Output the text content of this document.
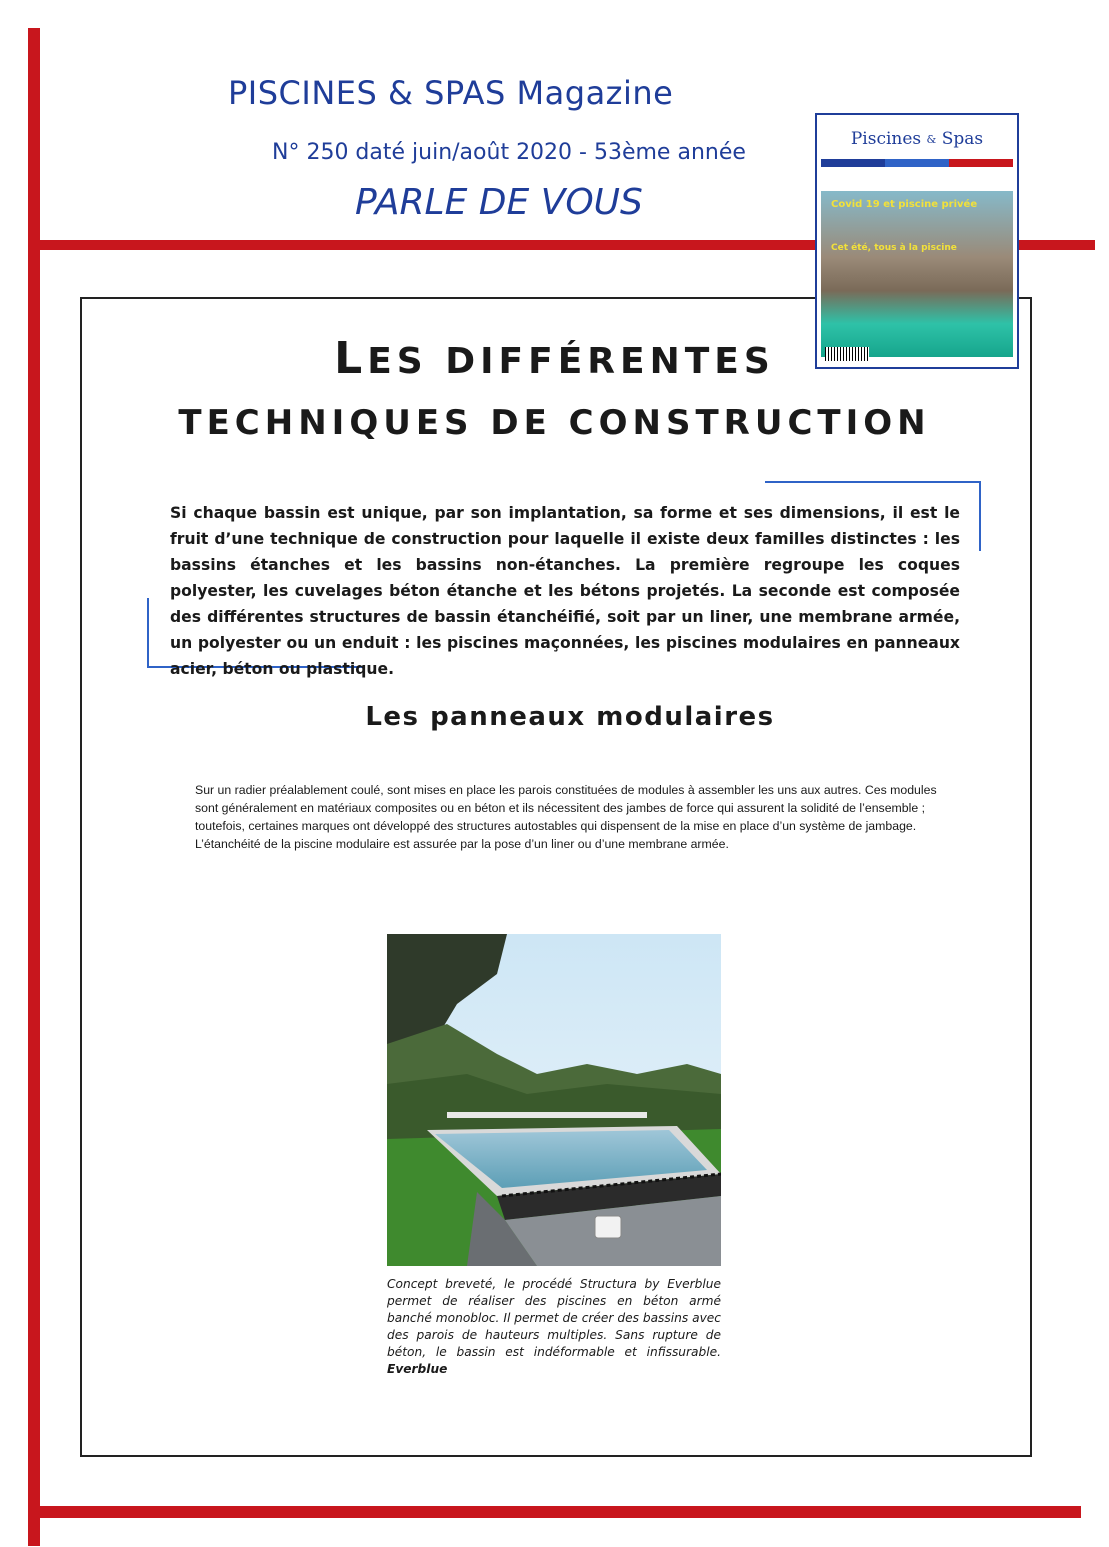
PISCINES & SPAS Magazine
N° 250 daté juin/août 2020 - 53ème année
PARLE DE VOUS
Piscines
&
Spas
Covid 19 et piscine privée
Cet été, tous à la piscine
LES DIFFÉRENTES
TECHNIQUES DE CONSTRUCTION
Si chaque bassin est unique, par son implantation, sa forme et ses dimensions, il est le fruit d’une technique de construction pour laquelle il existe deux familles distinctes : les bassins étanches et les bassins non-étanches. La première regroupe les coques polyester, les cuvelages béton étanche et les bétons projetés. La seconde est composée des différentes structures de bassin étanchéifié, soit par un liner, une membrane armée, un polyester ou un enduit : les piscines maçonnées, les piscines modulaires en panneaux acier, béton ou plastique.
Les panneaux modulaires
Sur un radier préalablement coulé, sont mises en place les parois constituées de modules à assembler les uns aux autres. Ces modules sont généralement en matériaux composites ou en béton et ils nécessitent des jambes de force qui assurent la solidité de l’ensemble ; toutefois, certaines marques ont développé des structures autostables qui dispensent de la mise en place d’un système de jambage. L’étanchéité de la piscine modulaire est assurée par la pose d’un liner ou d’une membrane armée.
Concept breveté, le procédé Structura by Everblue permet de réaliser des piscines en béton armé banché monobloc. Il permet de créer des bassins avec des parois de hauteurs multiples. Sans rupture de béton, le bassin est indéformable et infissurable. Everblue
